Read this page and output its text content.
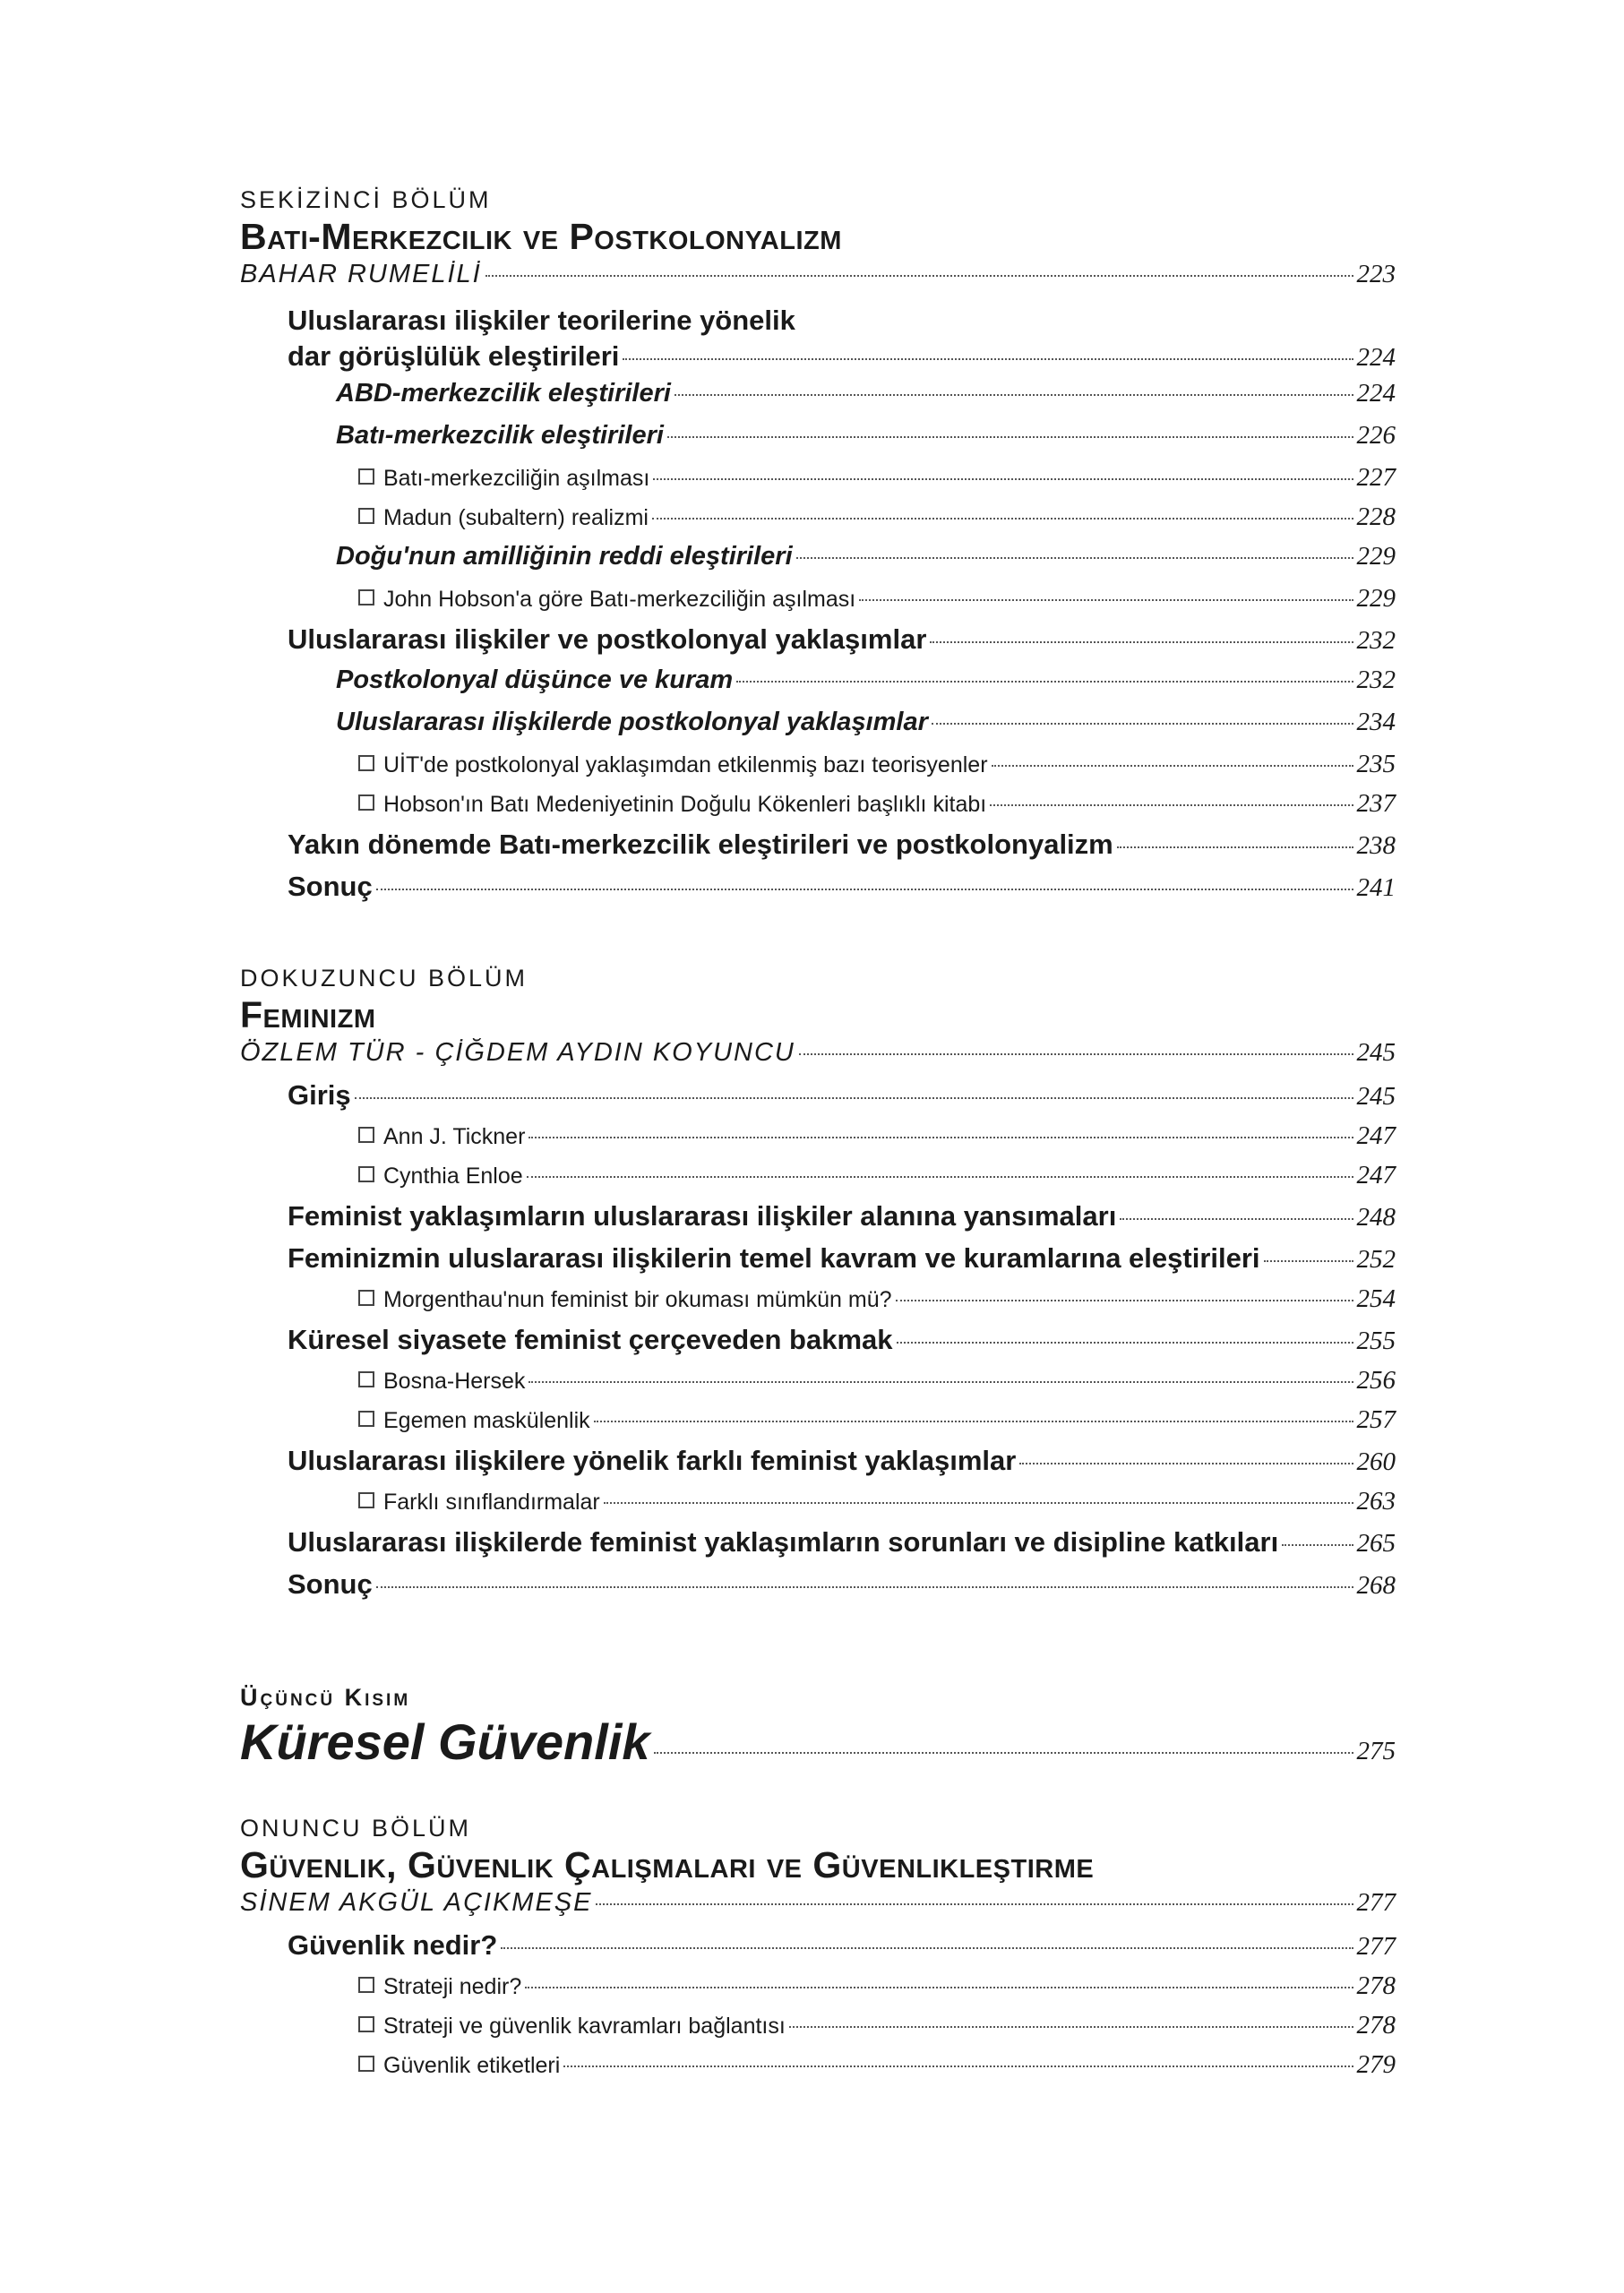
SEKİZİNCİ BÖLÜM
Batı-Merkezcilik ve Postkolonyalizm
BAHAR RUMELİLİ	223
Uluslararası ilişkiler teorilerine yönelik
dar görüşlülük eleştirileri	224
ABD-merkezcilik eleştirileri	224
Batı-merkezcilik eleştirileri	226
Batı-merkezciliğin aşılması	227
Madun (subaltern) realizmi	228
Doğu'nun amilliğinin reddi eleştirileri	229
John Hobson'a göre Batı-merkezciliğin aşılması	229
Uluslararası ilişkiler ve postkolonyal yaklaşımlar	232
Postkolonyal düşünce ve kuram	232
Uluslararası ilişkilerde postkolonyal yaklaşımlar	234
UİT'de postkolonyal yaklaşımdan etkilenmiş bazı teorisyenler	235
Hobson'ın Batı Medeniyetinin Doğulu Kökenleri başlıklı kitabı	237
Yakın dönemde Batı-merkezcilik eleştirileri ve postkolonyalizm	238
Sonuç	241
DOKUZUNCU BÖLÜM
Feminizm
ÖZLEM TÜR - ÇİĞDEM AYDIN KOYUNCU	245
Giriş	245
Ann J. Tickner	247
Cynthia Enloe	247
Feminist yaklaşımların uluslararası ilişkiler alanına yansımaları	248
Feminizmin uluslararası ilişkilerin temel kavram ve kuramlarına eleştirileri	252
Morgenthau'nun feminist bir okuması mümkün mü?	254
Küresel siyasete feminist çerçeveden bakmak	255
Bosna-Hersek	256
Egemen maskülenlik	257
Uluslararası ilişkilere yönelik farklı feminist yaklaşımlar	260
Farklı sınıflandırmalar	263
Uluslararası ilişkilerde feminist yaklaşımların sorunları ve disipline katkıları	265
Sonuç	268
Üçüncü Kısım
Küresel Güvenlik	275
ONUNCU BÖLÜM
Güvenlik, Güvenlik Çalışmaları ve Güvenlikleştirme
SİNEM AKGÜL AÇIKMEŞE	277
Güvenlik nedir?	277
Strateji nedir?	278
Strateji ve güvenlik kavramları bağlantısı	278
Güvenlik etiketleri	279
